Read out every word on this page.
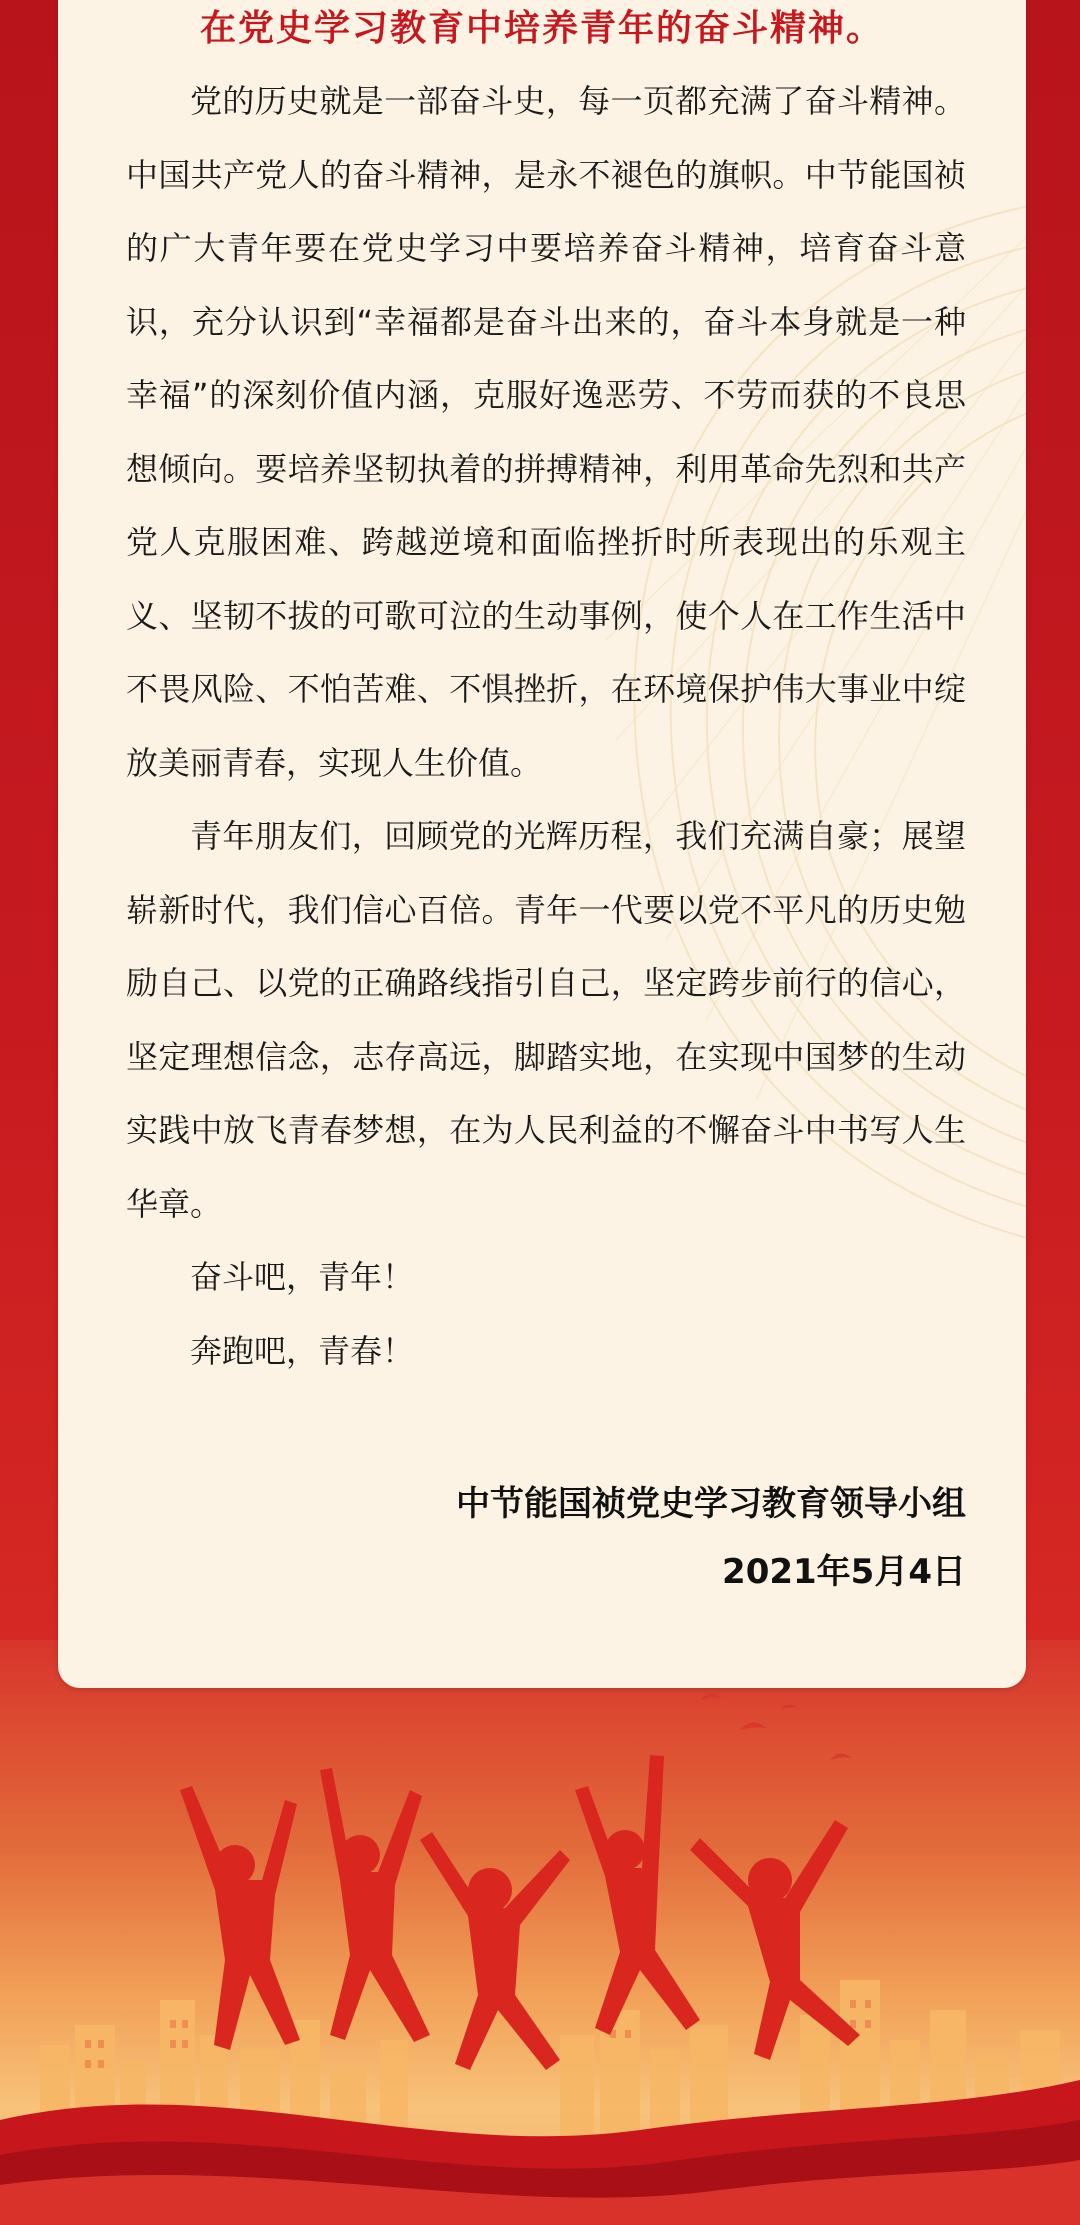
在党史学习教育中培养青年的奋斗精神。

党的历史就是一部奋斗史，每一页都充满了奋斗精神。中国共产党人的奋斗精神，是永不褪色的旗帜。中节能国祯的广大青年要在党史学习中要培养奋斗精神，培育奋斗意识，充分认识到“幸福都是奋斗出来的，奋斗本身就是一种幸福”的深刻价值内涵，克服好逸恶劳、不劳而获的不良思想倾向。要培养坚韧执着的拼搏精神，利用革命先烈和共产党人克服困难、跨越逆境和面临挫折时所表现出的乐观主义、坚韧不拔的可歌可泣的生动事例，使个人在工作生活中不畏风险、不怕苦难、不惧挫折，在环境保护伟大事业中绽放美丽青春，实现人生价值。

青年朋友们，回顾党的光辉历程，我们充满自豪；展望崭新时代，我们信心百倍。青年一代要以党不平凡的历史勉励自己、以党的正确路线指引自己，坚定跨步前行的信心，坚定理想信念，志存高远，脚踏实地，在实现中国梦的生动实践中放飞青春梦想，在为人民利益的不懈奋斗中书写人生华章。

奋斗吧，青年！

奔跑吧，青春！

中节能国祯党史学习教育领导小组
2021年5月4日
